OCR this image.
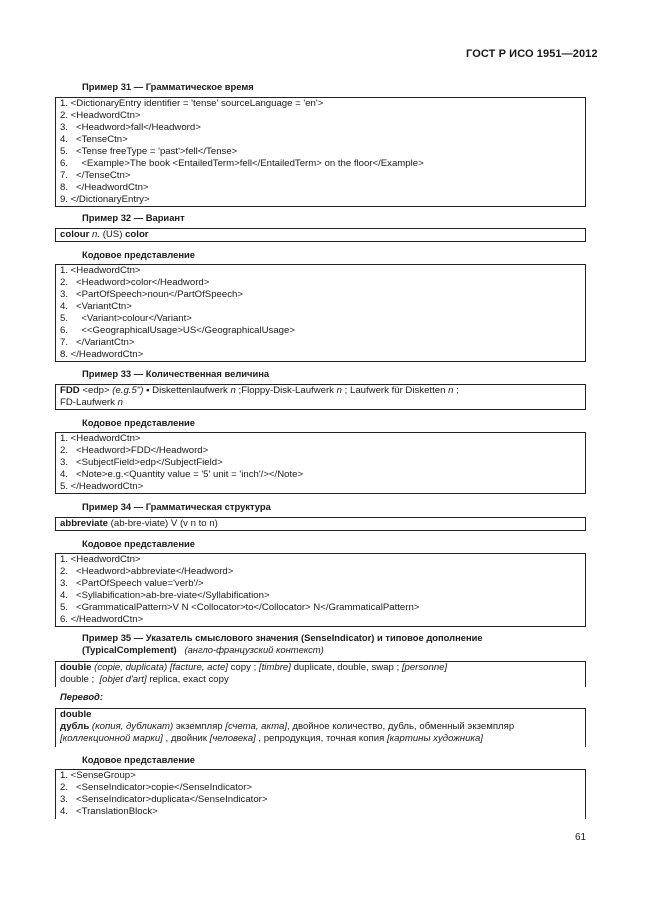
ГОСТ Р ИСО 1951—2012
Пример 31 — Грамматическое время
1. <DictionaryEntry identifier = 'tense' sourceLanguage = 'en'>
2. <HeadwordCtn>
3.   <Headword>fall</Headword>
4.   <TenseCtn>
5.   <Tense freeType = 'past'>fell</Tense>
6.     <Example>The book <EntailedTerm>fell</EntailedTerm> on the floor</Example>
7.   </TenseCtn>
8.   </HeadwordCtn>
9. </DictionaryEntry>
Пример 32 — Вариант
colour n. (US) color
Кодовое представление
1. <HeadwordCtn>
2.   <Headword>color</Headword>
3.   <PartOfSpeech>noun</PartOfSpeech>
4.   <VariantCtn>
5.     <Variant>colour</Variant>
6.     <<GeographicalUsage>US</GeographicalUsage>
7.   </VariantCtn>
8. </HeadwordCtn>
Пример 33 — Количественная величина
FDD <edp> (e.g.5") ▪ Diskettenlaufwerk n ;Floppy-Disk-Laufwerk n ; Laufwerk für Disketten n ;
FD-Laufwerk n
Кодовое представление
1. <HeadwordCtn>
2.   <Headword>FDD</Headword>
3.   <SubjectField>edp</SubjectField>
4.   <Note>e.g.<Quantity value = '5' unit = 'inch'/></Note>
5. </HeadwordCtn>
Пример 34 — Грамматическая структура
abbreviate (ab-bre-viate) V (v n to n)
Кодовое представление
1. <HeadwordCtn>
2.   <Headword>abbreviate</Headword>
3.   <PartOfSpeech value='verb'/>
4.   <Syllabification>ab-bre-viate</Syllabification>
5.   <GrammaticalPattern>V N <Collocator>to</Collocator> N</GrammaticalPattern>
6. </HeadwordCtn>
Пример 35 — Указатель смыслового значения (SenseIndicator) и типовое дополнение
(TypicalComplement) (англо-французский контекст)
double (copie, duplicata) [facture, acte] copy ; [timbre] duplicate, double, swap ; [personne]
double ;  [objet d'art] replica, exact copy
Перевод:
double
дубль (копия, дубликат) экземпляр [счета, акта], двойное количество, дубль, обменный экземпляр
[коллекционной марки] , двойник [человека] , репродукция, точная копия [картины художника]
Кодовое представление
1. <SenseGroup>
2.   <SenseIndicator>copie</SenseIndicator>
3.   <SenseIndicator>duplicata</SenseIndicator>
4.   <TranslationBlock>
61
